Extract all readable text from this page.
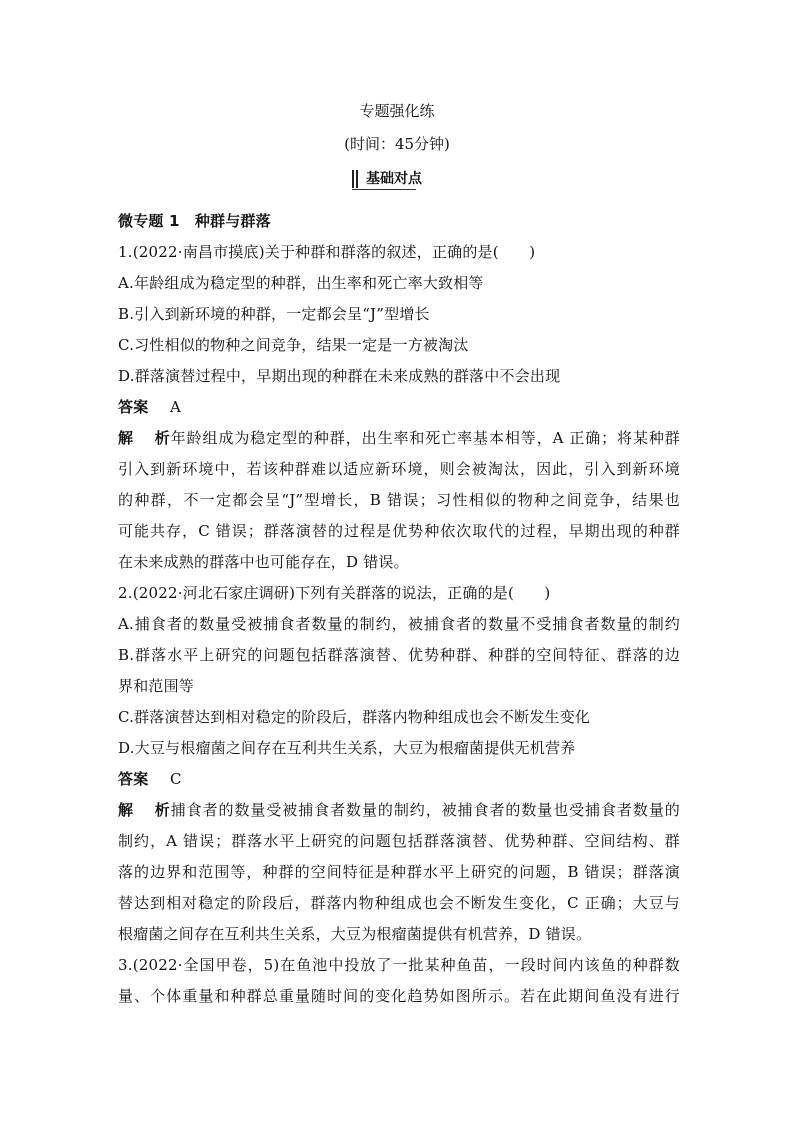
专题强化练
(时间：45分钟)
基础对点
微专题 1　种群与群落
1.(2022·南昌市摸底)关于种群和群落的叙述，正确的是(　　)
A.年龄组成为稳定型的种群，出生率和死亡率大致相等
B.引入到新环境的种群，一定都会呈“J”型增长
C.习性相似的物种之间竞争，结果一定是一方被淘汰
D.群落演替过程中，早期出现的种群在未来成熟的群落中不会出现
答案 A
解析年龄组成为稳定型的种群，出生率和死亡率基本相等，A 正确；将某种群
引入到新环境中，若该种群难以适应新环境，则会被淘汰，因此，引入到新环境
的种群，不一定都会呈“J”型增长，B 错误；习性相似的物种之间竞争，结果也
可能共存，C 错误；群落演替的过程是优势种依次取代的过程，早期出现的种群
在未来成熟的群落中也可能存在，D 错误。
2.(2022·河北石家庄调研)下列有关群落的说法，正确的是(　　)
A.捕食者的数量受被捕食者数量的制约，被捕食者的数量不受捕食者数量的制约
B.群落水平上研究的问题包括群落演替、优势种群、种群的空间特征、群落的边
界和范围等
C.群落演替达到相对稳定的阶段后，群落内物种组成也会不断发生变化
D.大豆与根瘤菌之间存在互利共生关系，大豆为根瘤菌提供无机营养
答案 C
解析捕食者的数量受被捕食者数量的制约，被捕食者的数量也受捕食者数量的
制约，A 错误；群落水平上研究的问题包括群落演替、优势种群、空间结构、群
落的边界和范围等，种群的空间特征是种群水平上研究的问题，B 错误；群落演
替达到相对稳定的阶段后，群落内物种组成也会不断发生变化，C 正确；大豆与
根瘤菌之间存在互利共生关系，大豆为根瘤菌提供有机营养，D 错误。
3.(2022·全国甲卷，5)在鱼池中投放了一批某种鱼苗，一段时间内该鱼的种群数
量、个体重量和种群总重量随时间的变化趋势如图所示。若在此期间鱼没有进行
